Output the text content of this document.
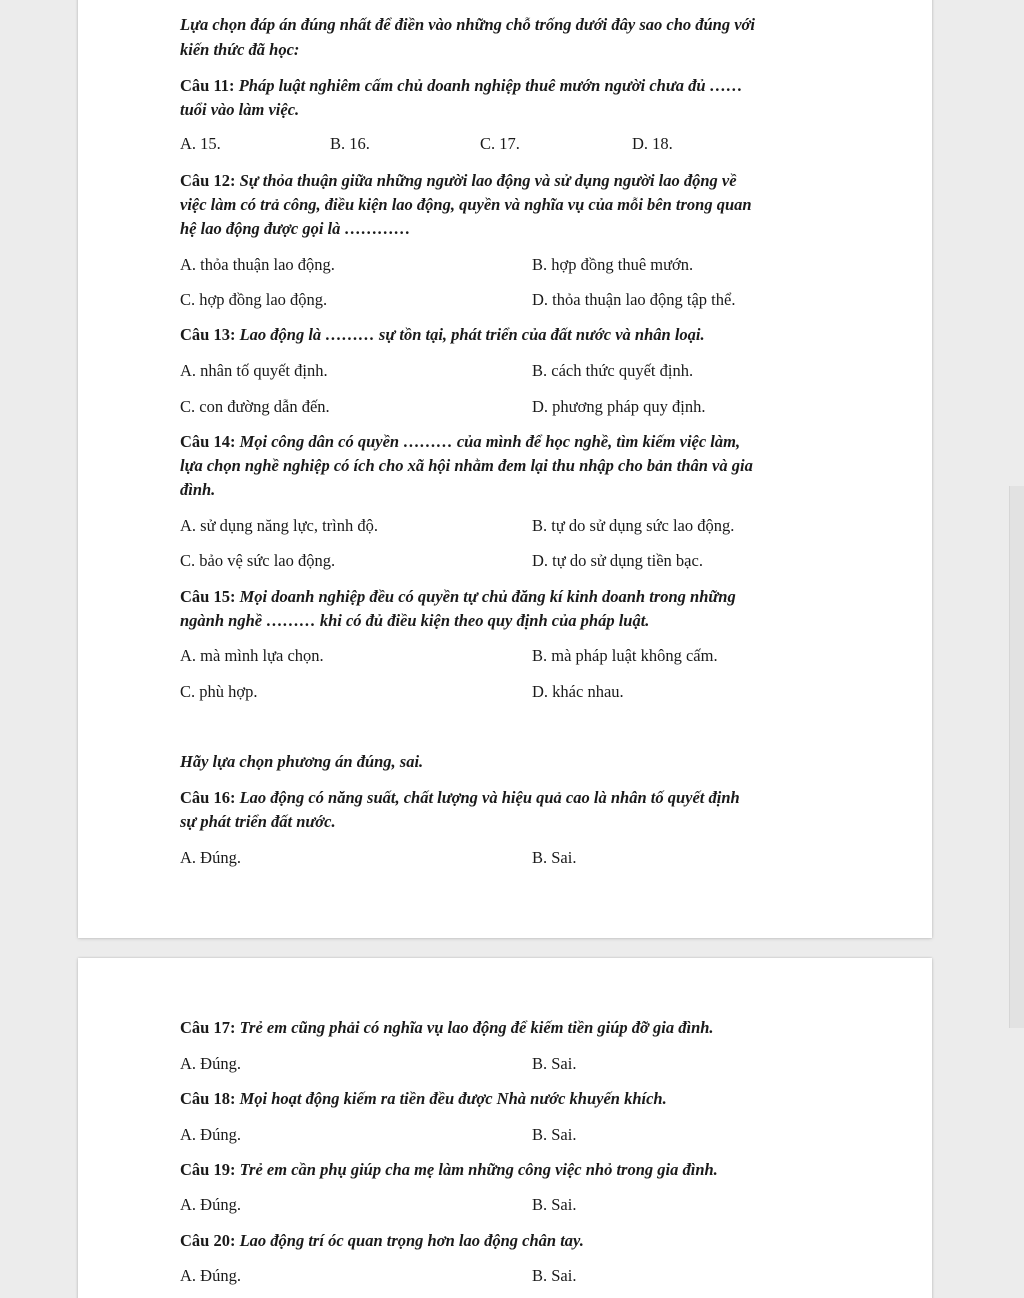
Lựa chọn đáp án đúng nhất để điền vào những chỗ trống dưới đây sao cho đúng với
kiến thức đã học:
Câu 11: Pháp luật nghiêm cấm chủ doanh nghiệp thuê mướn người chưa đủ ……
tuổi vào làm việc.
A. 15.	B. 16.	C. 17.	D. 18.
Câu 12: Sự thỏa thuận giữa những người lao động và sử dụng người lao động về
việc làm có trả công, điều kiện lao động, quyền và nghĩa vụ của mỗi bên trong quan
hệ lao động được gọi là …………
A. thỏa thuận lao động.	B. hợp đồng thuê mướn.
C. hợp đồng lao động.	D. thỏa thuận lao động tập thể.
Câu 13: Lao động là ……… sự tồn tại, phát triển của đất nước và nhân loại.
A. nhân tố quyết định.	B. cách thức quyết định.
C. con đường dẫn đến.	D. phương pháp quy định.
Câu 14: Mọi công dân có quyền ……… của mình để học nghề, tìm kiếm việc làm,
lựa chọn nghề nghiệp có ích cho xã hội nhằm đem lại thu nhập cho bản thân và gia
đình.
A. sử dụng năng lực, trình độ.	B. tự do sử dụng sức lao động.
C. bảo vệ sức lao động.	D. tự do sử dụng tiền bạc.
Câu 15: Mọi doanh nghiệp đều có quyền tự chủ đăng kí kinh doanh trong những
ngành nghề ……… khi có đủ điều kiện theo quy định của pháp luật.
A. mà mình lựa chọn.	B. mà pháp luật không cấm.
C. phù hợp.	D. khác nhau.
Hãy lựa chọn phương án đúng, sai.
Câu 16: Lao động có năng suất, chất lượng và hiệu quả cao là nhân tố quyết định
sự phát triển đất nước.
A. Đúng.	B. Sai.
Câu 17: Trẻ em cũng phải có nghĩa vụ lao động để kiếm tiền giúp đỡ gia đình.
A. Đúng.	B. Sai.
Câu 18: Mọi hoạt động kiếm ra tiền đều được Nhà nước khuyến khích.
A. Đúng.	B. Sai.
Câu 19: Trẻ em cần phụ giúp cha mẹ làm những công việc nhỏ trong gia đình.
A. Đúng.	B. Sai.
Câu 20: Lao động trí óc quan trọng hơn lao động chân tay.
A. Đúng.	B. Sai.
